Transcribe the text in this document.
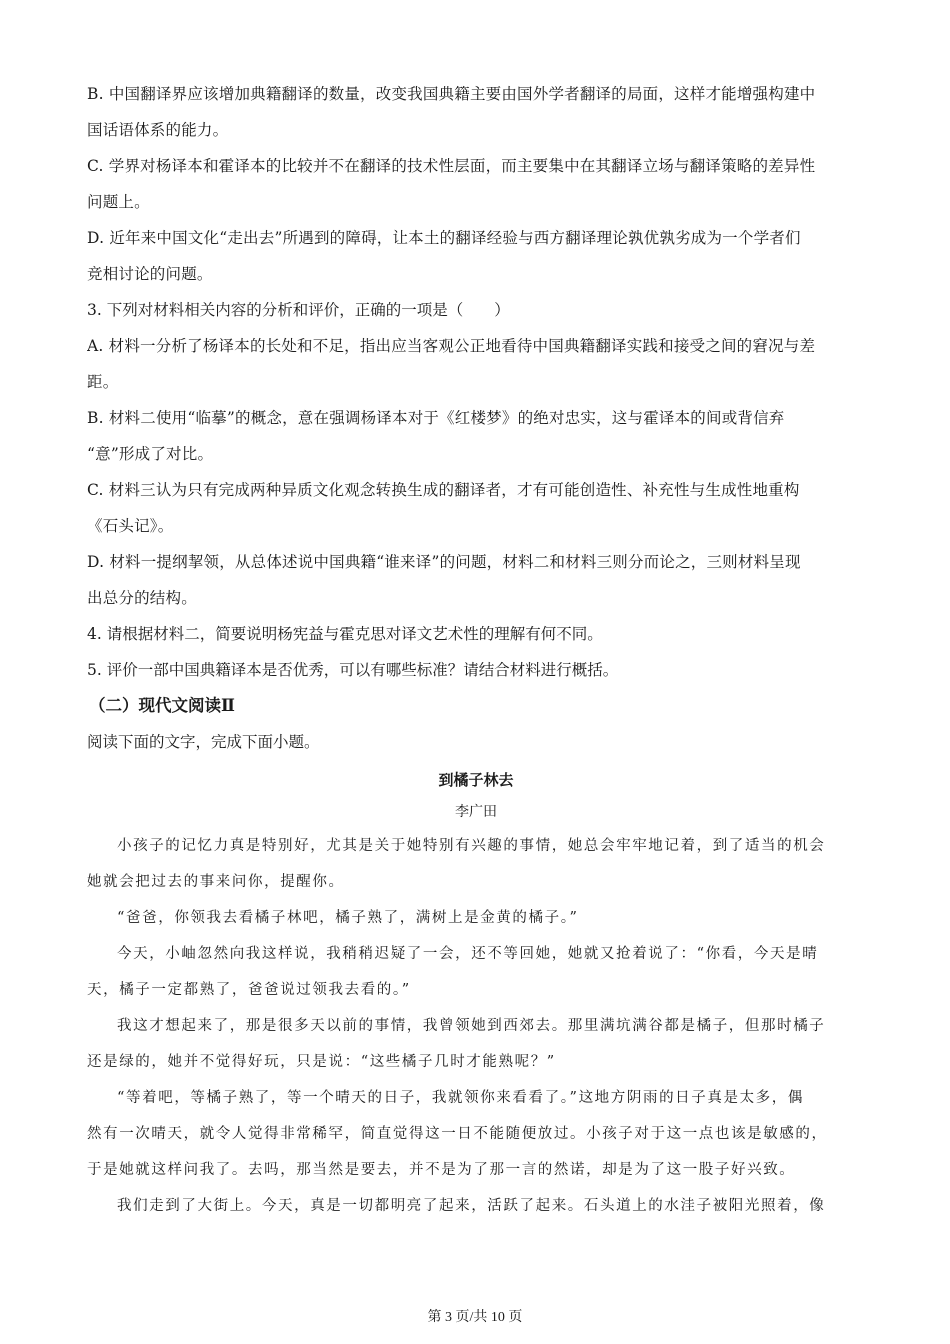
B. 中国翻译界应该增加典籍翻译的数量，改变我国典籍主要由国外学者翻译的局面，这样才能增强构建中
国话语体系的能力。
C. 学界对杨译本和霍译本的比较并不在翻译的技术性层面，而主要集中在其翻译立场与翻译策略的差异性
问题上。
D. 近年来中国文化“走出去”所遇到的障碍，让本土的翻译经验与西方翻译理论孰优孰劣成为一个学者们
竞相讨论的问题。
3. 下列对材料相关内容的分析和评价，正确的一项是（　　）
A. 材料一分析了杨译本的长处和不足，指出应当客观公正地看待中国典籍翻译实践和接受之间的窘况与差
距。
B. 材料二使用“临摹”的概念，意在强调杨译本对于《红楼梦》的绝对忠实，这与霍译本的间或背信弃
“意”形成了对比。
C. 材料三认为只有完成两种异质文化观念转换生成的翻译者，才有可能创造性、补充性与生成性地重构
《石头记》。
D. 材料一提纲挈领，从总体述说中国典籍“谁来译”的问题，材料二和材料三则分而论之，三则材料呈现
出总分的结构。
4. 请根据材料二，简要说明杨宪益与霍克思对译文艺术性的理解有何不同。
5. 评价一部中国典籍译本是否优秀，可以有哪些标准？请结合材料进行概括。
（二）现代文阅读Ⅱ
阅读下面的文字，完成下面小题。
到橘子林去
李广田
小孩子的记忆力真是特别好，尤其是关于她特别有兴趣的事情，她总会牢牢地记着，到了适当的机会
她就会把过去的事来问你，提醒你。
“爸爸，你领我去看橘子林吧，橘子熟了，满树上是金黄的橘子。”
今天，小岫忽然向我这样说，我稍稍迟疑了一会，还不等回她，她就又抢着说了：“你看，今天是晴
天，橘子一定都熟了，爸爸说过领我去看的。”
我这才想起来了，那是很多天以前的事情，我曾领她到西郊去。那里满坑满谷都是橘子，但那时橘子
还是绿的，她并不觉得好玩，只是说：“这些橘子几时才能熟呢？”
“等着吧，等橘子熟了，等一个晴天的日子，我就领你来看看了。”这地方阴雨的日子真是太多，偶
然有一次晴天，就令人觉得非常稀罕，简直觉得这一日不能随便放过。小孩子对于这一点也该是敏感的，
于是她就这样问我了。去吗，那当然是要去，并不是为了那一言的然诺，却是为了这一股子好兴致。
我们走到了大街上。今天，真是一切都明亮了起来，活跃了起来。石头道上的水洼子被阳光照着，像
第 3 页/共 10 页
